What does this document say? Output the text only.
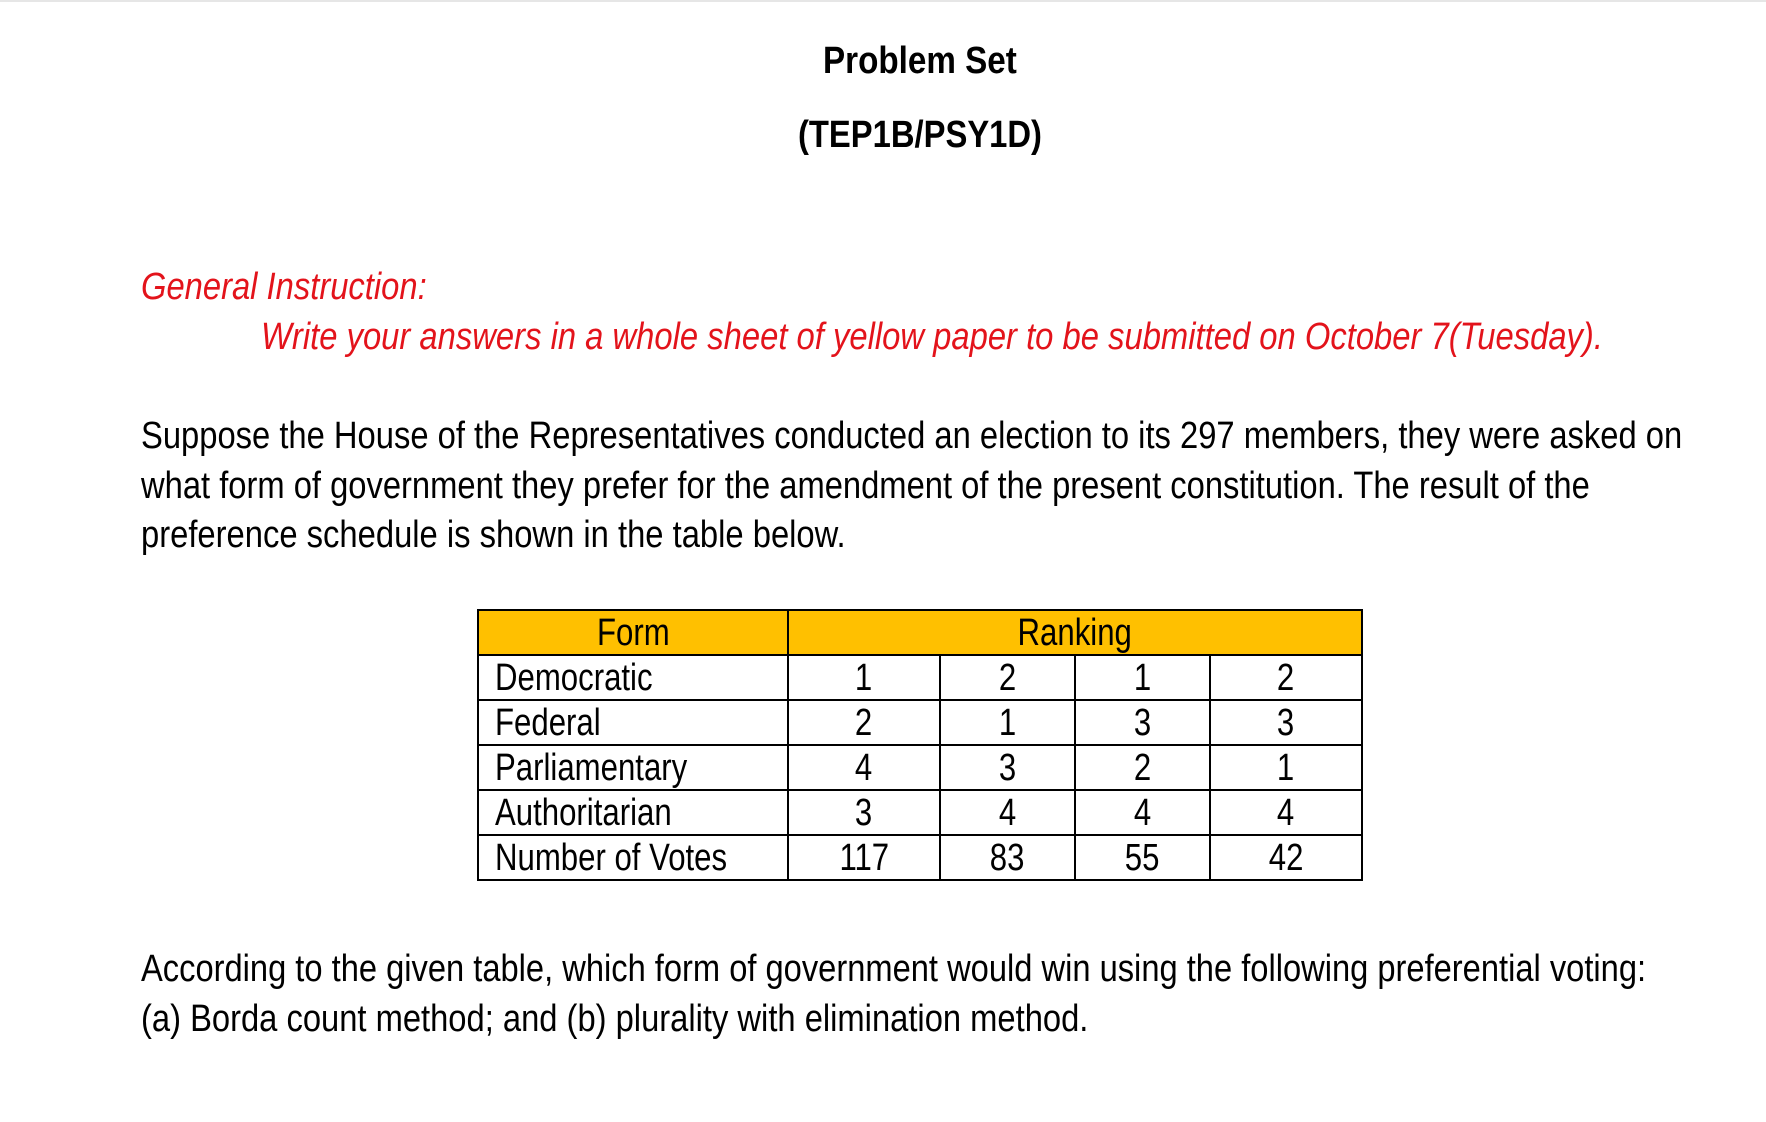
Problem Set
(TEP1B/PSY1D)
General Instruction:
Write your answers in a whole sheet of yellow paper to be submitted on October 7(Tuesday).
Suppose the House of the Representatives conducted an election to its 297 members, they were asked on
what form of government they prefer for the amendment of the present constitution. The result of the
preference schedule is shown in the table below.
Form	Ranking			
Democratic	1	2	1	2
Federal	2	1	3	3
Parliamentary	4	3	2	1
Authoritarian	3	4	4	4
Number of Votes	117	83	55	42
According to the given table, which form of government would win using the following preferential voting:
(a) Borda count method; and (b) plurality with elimination method.
